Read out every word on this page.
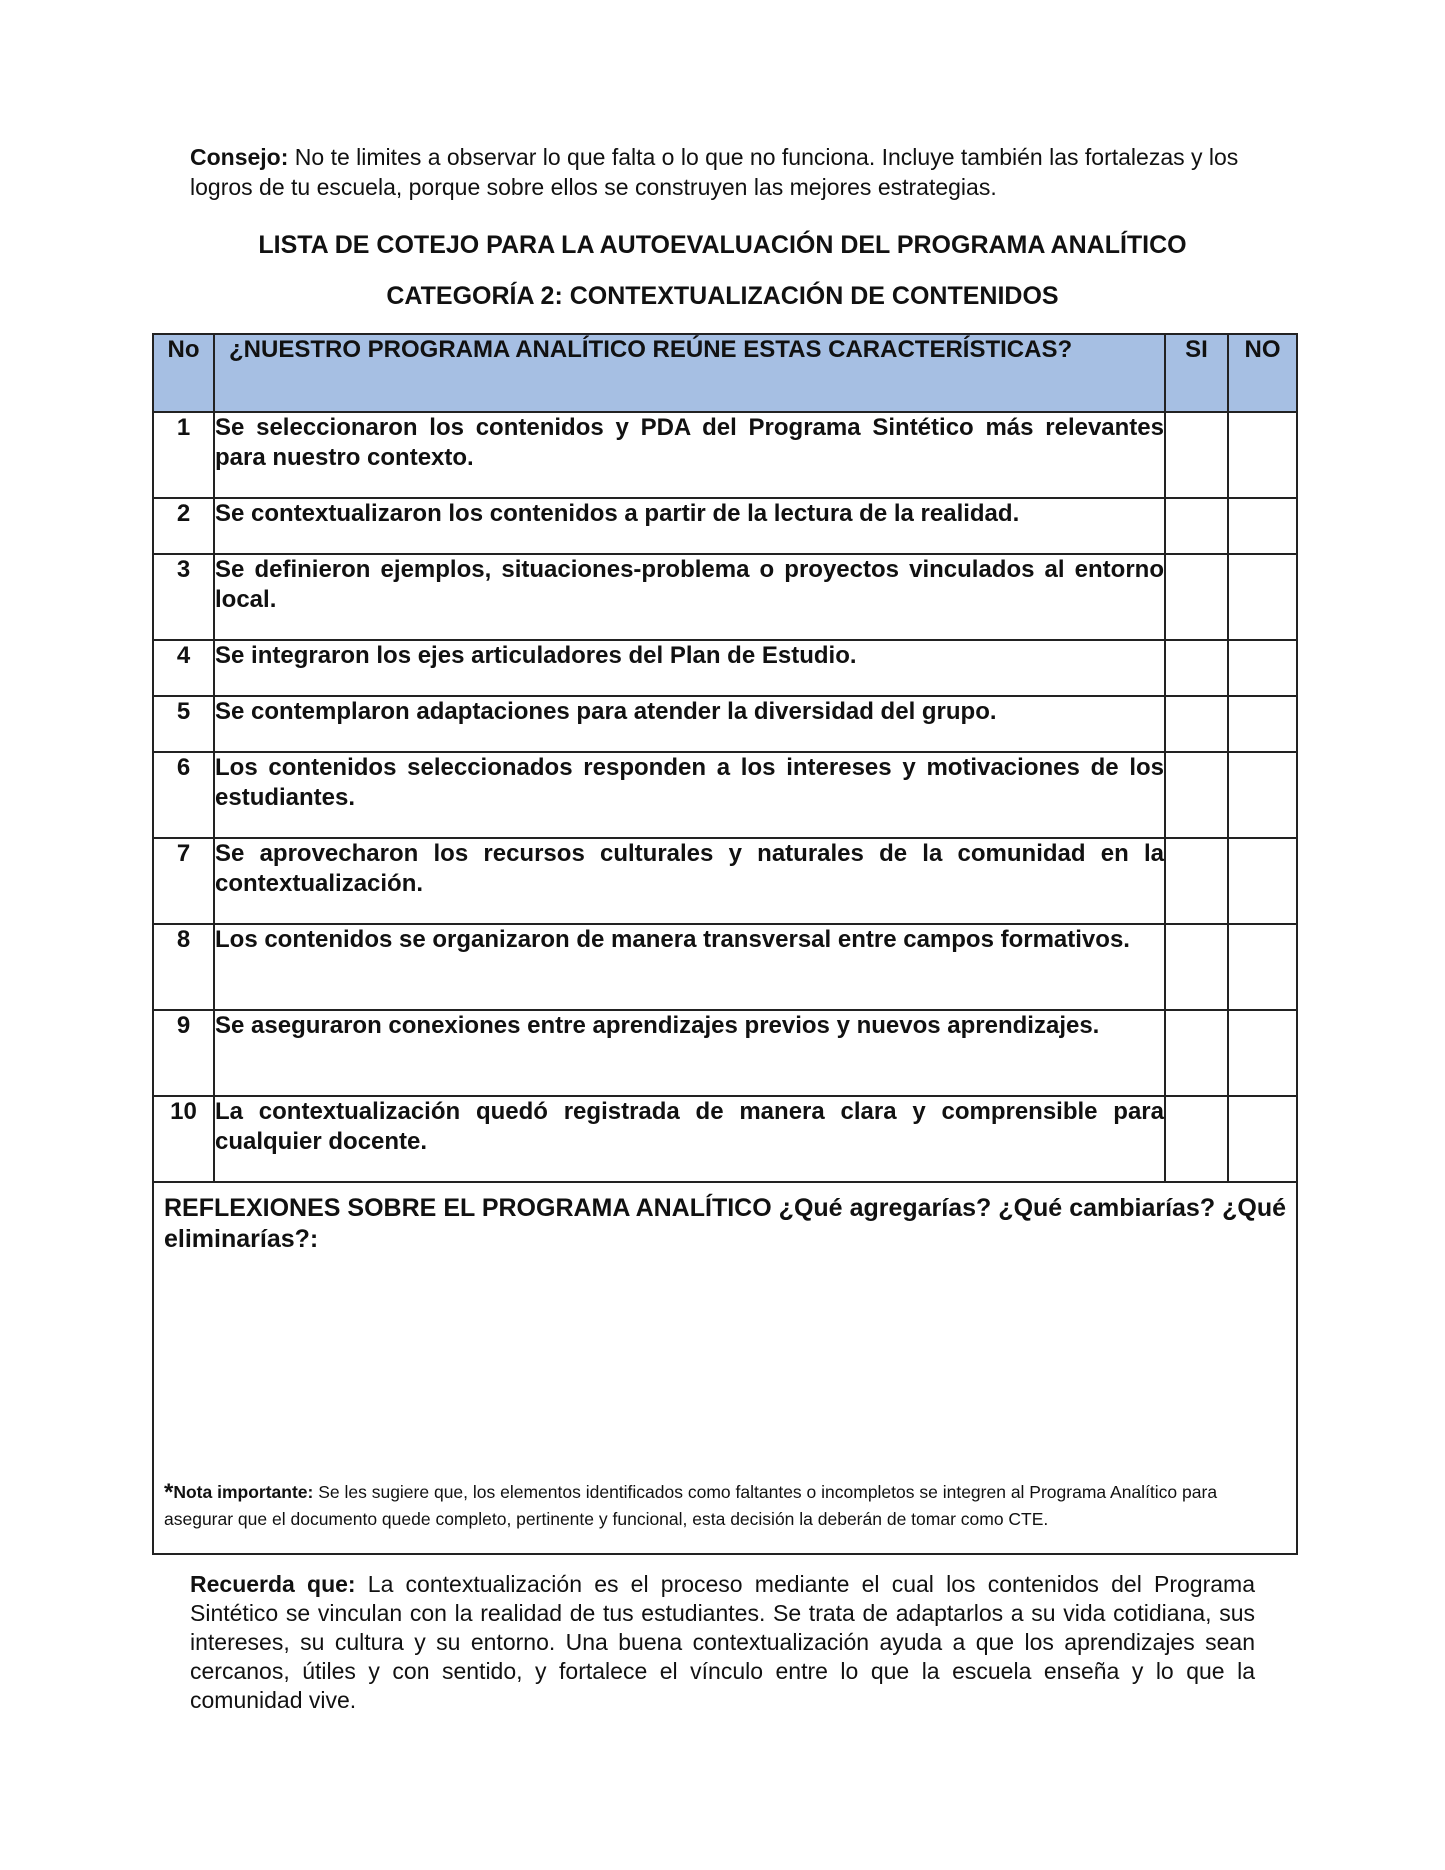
Consejo: No te limites a observar lo que falta o lo que no funciona. Incluye también las fortalezas y los logros de tu escuela, porque sobre ellos se construyen las mejores estrategias.
LISTA DE COTEJO PARA LA AUTOEVALUACIÓN DEL PROGRAMA ANALÍTICO
CATEGORÍA 2: CONTEXTUALIZACIÓN DE CONTENIDOS
No	¿NUESTRO PROGRAMA ANALÍTICO REÚNE ESTAS CARACTERÍSTICAS?	SI	NO
1	Se seleccionaron los contenidos y PDA del Programa Sintético más relevantes para nuestro contexto.		
2	Se contextualizaron los contenidos a partir de la lectura de la realidad.		
3	Se definieron ejemplos, situaciones-problema o proyectos vinculados al entorno local.		
4	Se integraron los ejes articuladores del Plan de Estudio.		
5	Se contemplaron adaptaciones para atender la diversidad del grupo.		
6	Los contenidos seleccionados responden a los intereses y motivaciones de los estudiantes.		
7	Se aprovecharon los recursos culturales y naturales de la comunidad en la contextualización.		
8	Los contenidos se organizaron de manera transversal entre campos formativos.		
9	Se aseguraron conexiones entre aprendizajes previos y nuevos aprendizajes.		
10	La contextualización quedó registrada de manera clara y comprensible para cualquier docente.		

REFLEXIONES SOBRE EL PROGRAMA ANALÍTICO ¿Qué agregarías? ¿Qué cambiarías? ¿Qué eliminarías?:
*Nota importante: Se les sugiere que, los elementos identificados como faltantes o incompletos se integren al Programa Analítico para asegurar que el documento quede completo, pertinente y funcional, esta decisión la deberán de tomar como CTE.			
Recuerda que: La contextualización es el proceso mediante el cual los contenidos del Programa Sintético se vinculan con la realidad de tus estudiantes. Se trata de adaptarlos a su vida cotidiana, sus intereses, su cultura y su entorno. Una buena contextualización ayuda a que los aprendizajes sean cercanos, útiles y con sentido, y fortalece el vínculo entre lo que la escuela enseña y lo que la comunidad vive.
